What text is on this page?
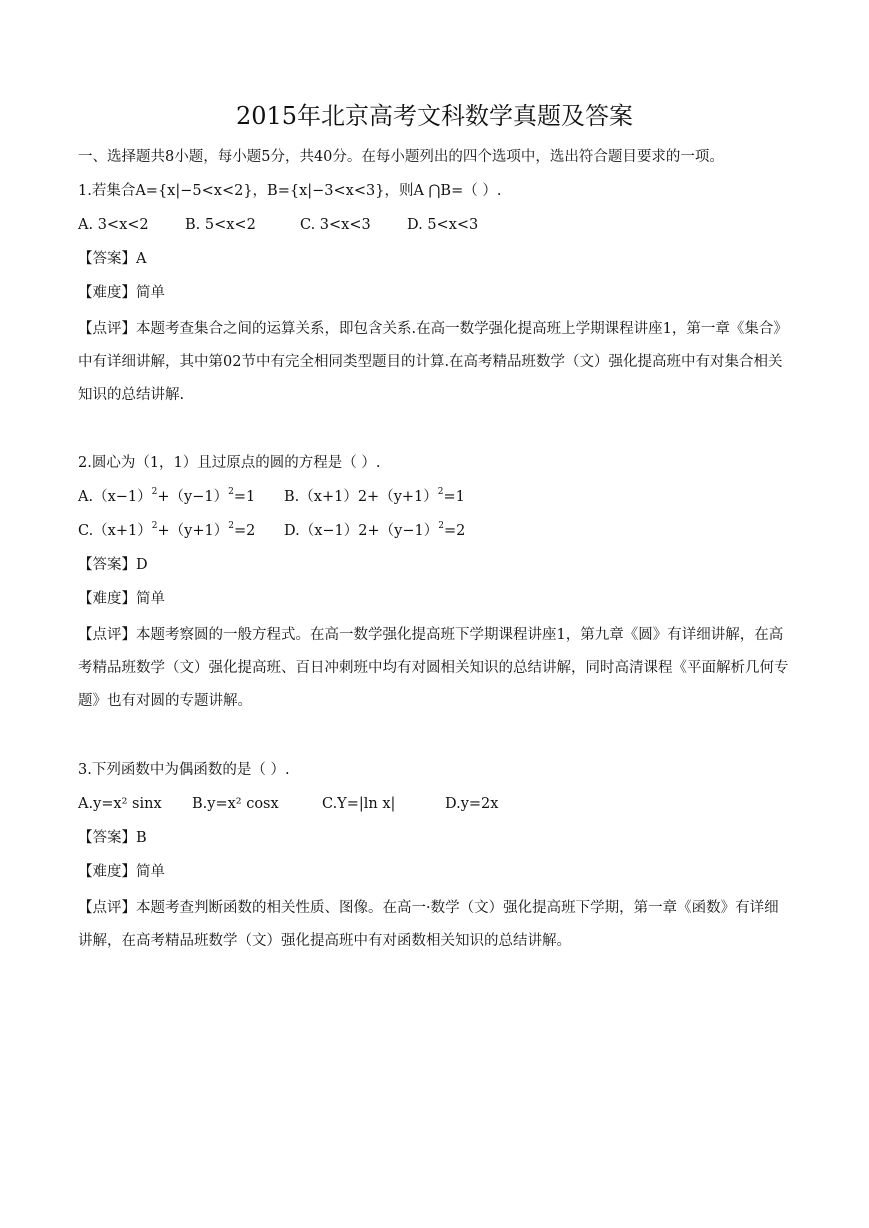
2015年北京高考文科数学真题及答案
一、选择题共8小题，每小题5分，共40分。在每小题列出的四个选项中，选出符合题目要求的一项。
1.若集合A={x|−5<x<2}，B={x|−3<x<3}，则A ⋂B=（ ）.
A. 3<x<2	B. 5<x<2	C. 3<x<3	D. 5<x<3
【答案】A
【难度】简单
【点评】本题考查集合之间的运算关系，即包含关系.在高一数学强化提高班上学期课程讲座1，第一章《集合》中有详细讲解，其中第02节中有完全相同类型题目的计算.在高考精品班数学（文）强化提高班中有对集合相关知识的总结讲解.
2.圆心为（1，1）且过原点的圆的方程是（ ）.
$A.(x-1)^2+(y-1)^2=1$ $B.(x+1)2+(y+1)^2=1$
$C.(x+1)^2+(y+1)^2=2$ $D.(x-1)2+(y-1)^2=2$
【答案】D
【难度】简单
【点评】本题考察圆的一般方程式。在高一数学强化提高班下学期课程讲座1，第九章《圆》有详细讲解，在高考精品班数学（文）强化提高班、百日冲刺班中均有对圆相关知识的总结讲解，同时高清课程《平面解析几何专题》也有对圆的专题讲解。
3.下列函数中为偶函数的是（ ）.
A.y=x² sinx B.y=x² cosx	C.Y=|ln x|	D.y=2x
【答案】B
【难度】简单
【点评】本题考查判断函数的相关性质、图像。在高一·数学（文）强化提高班下学期，第一章《函数》有详细讲解，在高考精品班数学（文）强化提高班中有对函数相关知识的总结讲解。
